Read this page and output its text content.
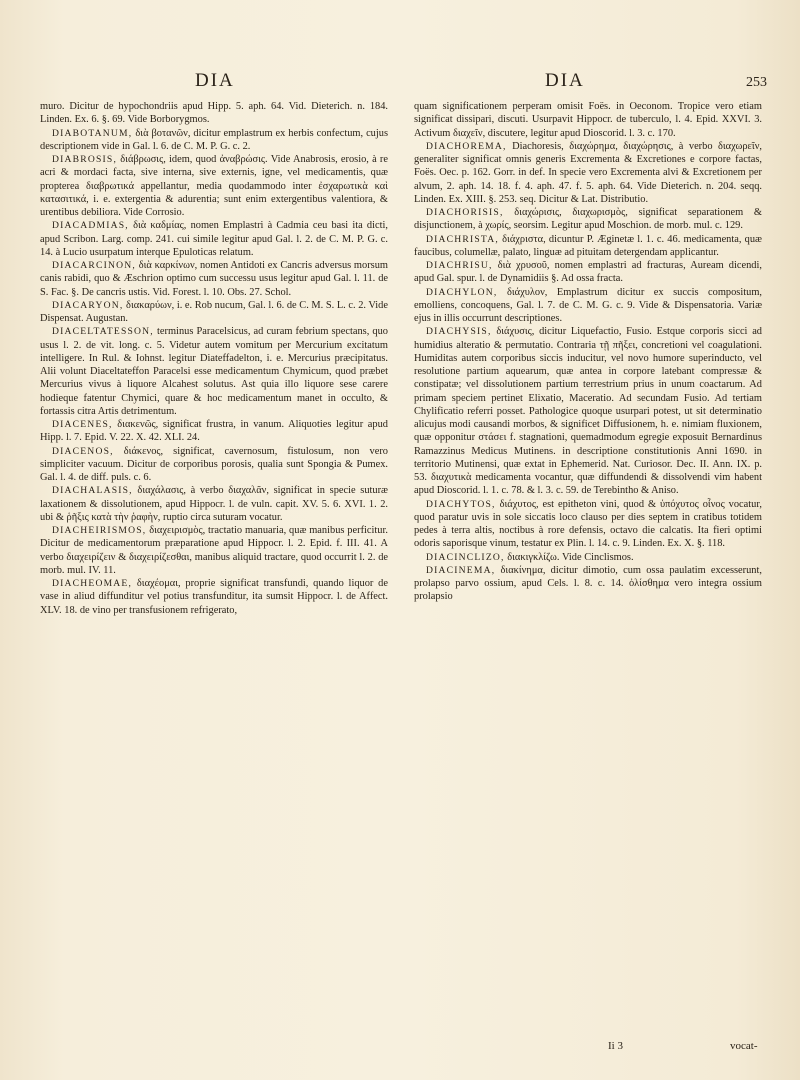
DIA	DIA	253

muro. Dicitur de hypochondriis apud Hipp. 5. aph. 64. Vid. Dieterich. n. 184. Linden. Ex. 6. §. 69. Vide Borborygmos.

DIABOTANUM, διὰ βοτανῶν, dicitur emplastrum ex herbis confectum, cujus descriptionem vide in Gal. l. 6. de C. M. P. G. c. 2.

DIABROSIS, διάβρωσις, idem, quod ἀναβρώσις. Vide Anabrosis, erosio, à re acri & mordaci facta, sive interna, sive externis, igne, vel medicamentis, quæ propterea διαβρωτικά appellantur, media quodammodo inter ἐσχαρωτικὰ καὶ κατασιτικά, i. e. extergentia & adurentia; sunt enim extergentibus valentiora, & urentibus debiliora. Vide Corrosio.

DIACADMIAS, διὰ καδμίας, nomen Emplastri à Cadmia ceu basi ita dicti, apud Scribon. Larg. comp. 241. cui simile legitur apud Gal. l. 2. de C. M. P. G. c. 14. à Lucio usurpatum interque Epuloticas relatum.

DIACARCINON, διὰ καρκίνων, nomen Antidoti ex Cancris adversus morsum canis rabidi, quo & Æschrion optimo cum successu usus legitur apud Gal. l. 11. de S. Fac. §. De cancris ustis. Vid. Forest. l. 10. Obs. 27. Schol.

DIACARYON, διακαρύων, i. e. Rob nucum, Gal. l. 6. de C. M. S. L. c. 2. Vide Dispensat. Augustan.

DIACELTATESSON, terminus Paracelsicus, ad curam febrium spectans, quo usus l. 2. de vit. long. c. 5. Videtur autem vomitum per Mercurium excitatum intelligere. In Rul. & Iohnst. legitur Diateffadelton, i. e. Mercurius præcipitatus. Alii volunt Diaceltateffon Paracelsi esse medicamentum Chymicum, quod præbet Mercurius vivus à liquore Alcahest solutus. Ast quia illo liquore sese carere hodieque fatentur Chymici, quare & hoc medicamentum manet in occulto, & fortassis citra Artis detrimentum.

DIACENES, διακενῶς, significat frustra, in vanum. Aliquoties legitur apud Hipp. l. 7. Epid. V. 22. X. 42. XLI. 24.

DIACENOS, διάκενος, significat, cavernosum, fistulosum, non vero simpliciter vacuum. Dicitur de corporibus porosis, qualia sunt Spongia & Pumex. Gal. l. 4. de diff. puls. c. 6.

DIACHALASIS, διαχάλασις, à verbo διαχαλᾶν, significat in specie suturæ laxationem & dissolutionem, apud Hippocr. l. de vuln. capit. XV. 5. 6. XVI. 1. 2. ubi & ῥῆξις κατὰ τὴν ῥαφὴν, ruptio circa suturam vocatur.

DIACHEIRISMOS, διαχειρισμὸς, tractatio manuaria, quæ manibus perficitur. Dicitur de medicamentorum præparatione apud Hippocr. l. 2. Epid. f. III. 41. A verbo διαχειρίζειν & διαχειρίζεσθαι, manibus aliquid tractare, quod occurrit l. 2. de morb. mul. IV. 11.

DIACHEOMAE, διαχέομαι, proprie significat transfundi, quando liquor de vase in aliud diffunditur vel potius transfunditur, ita sumsit Hippocr. l. de Affect. XLV. 18. de vino per transfusionem refrigerato,

quam significationem perperam omisit Foës. in Oeconom. Tropice vero etiam significat dissipari, discuti. Usurpavit Hippocr. de tuberculo, l. 4. Epid. XXVI. 3. Activum διαχεῖν, discutere, legitur apud Dioscorid. l. 3. c. 170.

DIACHOREMA, Diachoresis, διαχώρημα, διαχώρησις, à verbo διαχωρεῖν, generaliter significat omnis generis Excrementa & Excretiones e corpore factas, Foës. Oec. p. 162. Gorr. in def. In specie vero Excrementa alvi & Excretionem per alvum, 2. aph. 14. 18. f. 4. aph. 47. f. 5. aph. 64. Vide Dieterich. n. 204. seqq. Linden. Ex. XIII. §. 253. seq. Dicitur & Lat. Distributio.

DIACHORISIS, διαχώρισις, διαχωρισμὸς, significat separationem & disjunctionem, à χωρίς, seorsim. Legitur apud Moschion. de morb. mul. c. 129.

DIACHRISTA, διάχριστα, dicuntur P. Æginetæ l. 1. c. 46. medicamenta, quæ faucibus, columellæ, palato, linguæ ad pituitam detergendam applicantur.

DIACHRISU, διὰ χρυσοῦ, nomen emplastri ad fracturas, Auream dicendi, apud Gal. spur. l. de Dynamidiis §. Ad ossa fracta.

DIACHYLON, διάχυλον, Emplastrum dicitur ex succis compositum, emolliens, concoquens, Gal. l. 7. de C. M. G. c. 9. Vide & Dispensatoria. Variæ ejus in illis occurrunt descriptiones.

DIACHYSIS, διάχυσις, dicitur Liquefactio, Fusio. Estque corporis sicci ad humidius alteratio & permutatio. Contraria τῇ πῆξει, concretioni vel coagulationi. Humiditas autem corporibus siccis inducitur, vel novo humore superinducto, vel resolutione partium aquearum, quæ antea in corpore latebant compressæ & constipatæ; vel dissolutionem partium terrestrium prius in unum coactarum. Ad primam speciem pertinet Elixatio, Maceratio. Ad secundam Fusio. Ad tertiam Chylificatio referri posset. Pathologice quoque usurpari potest, ut sit determinatio alicujus modi causandi morbos, & significet Diffusionem, h. e. nimiam fluxionem, quæ opponitur στάσει f. stagnationi, quemadmodum egregie exposuit Bernardinus Ramazzinus Medicus Mutinens. in descriptione constitutionis Anni 1690. in territorio Mutinensi, quæ extat in Ephemerid. Nat. Curiosor. Dec. II. Ann. IX. p. 53. διαχυτικὰ medicamenta vocantur, quæ diffundendi & dissolvendi vim habent apud Dioscorid. l. 1. c. 78. & l. 3. c. 59. de Terebintho & Aniso.

DIACHYTOS, διάχυτος, est epitheton vini, quod & ὑπόχυτος οἶνος vocatur, quod paratur uvis in sole siccatis loco clauso per dies septem in cratibus totidem pedes à terra altis, noctibus à rore defensis, octavo die calcatis. Ita fieri optimi odoris saporisque vinum, testatur ex Plin. l. 14. c. 9. Linden. Ex. X. §. 118.

DIACINCLIZO, διακιγκλίζω. Vide Cinclismos.

DIACINEMA, διακίνημα, dicitur dimotio, cum ossa paulatim excesserunt, prolapso parvo ossium, apud Cels. l. 8. c. 14. ὀλίσθημα vero integra ossium prolapsio

Ii 3	vocat-
